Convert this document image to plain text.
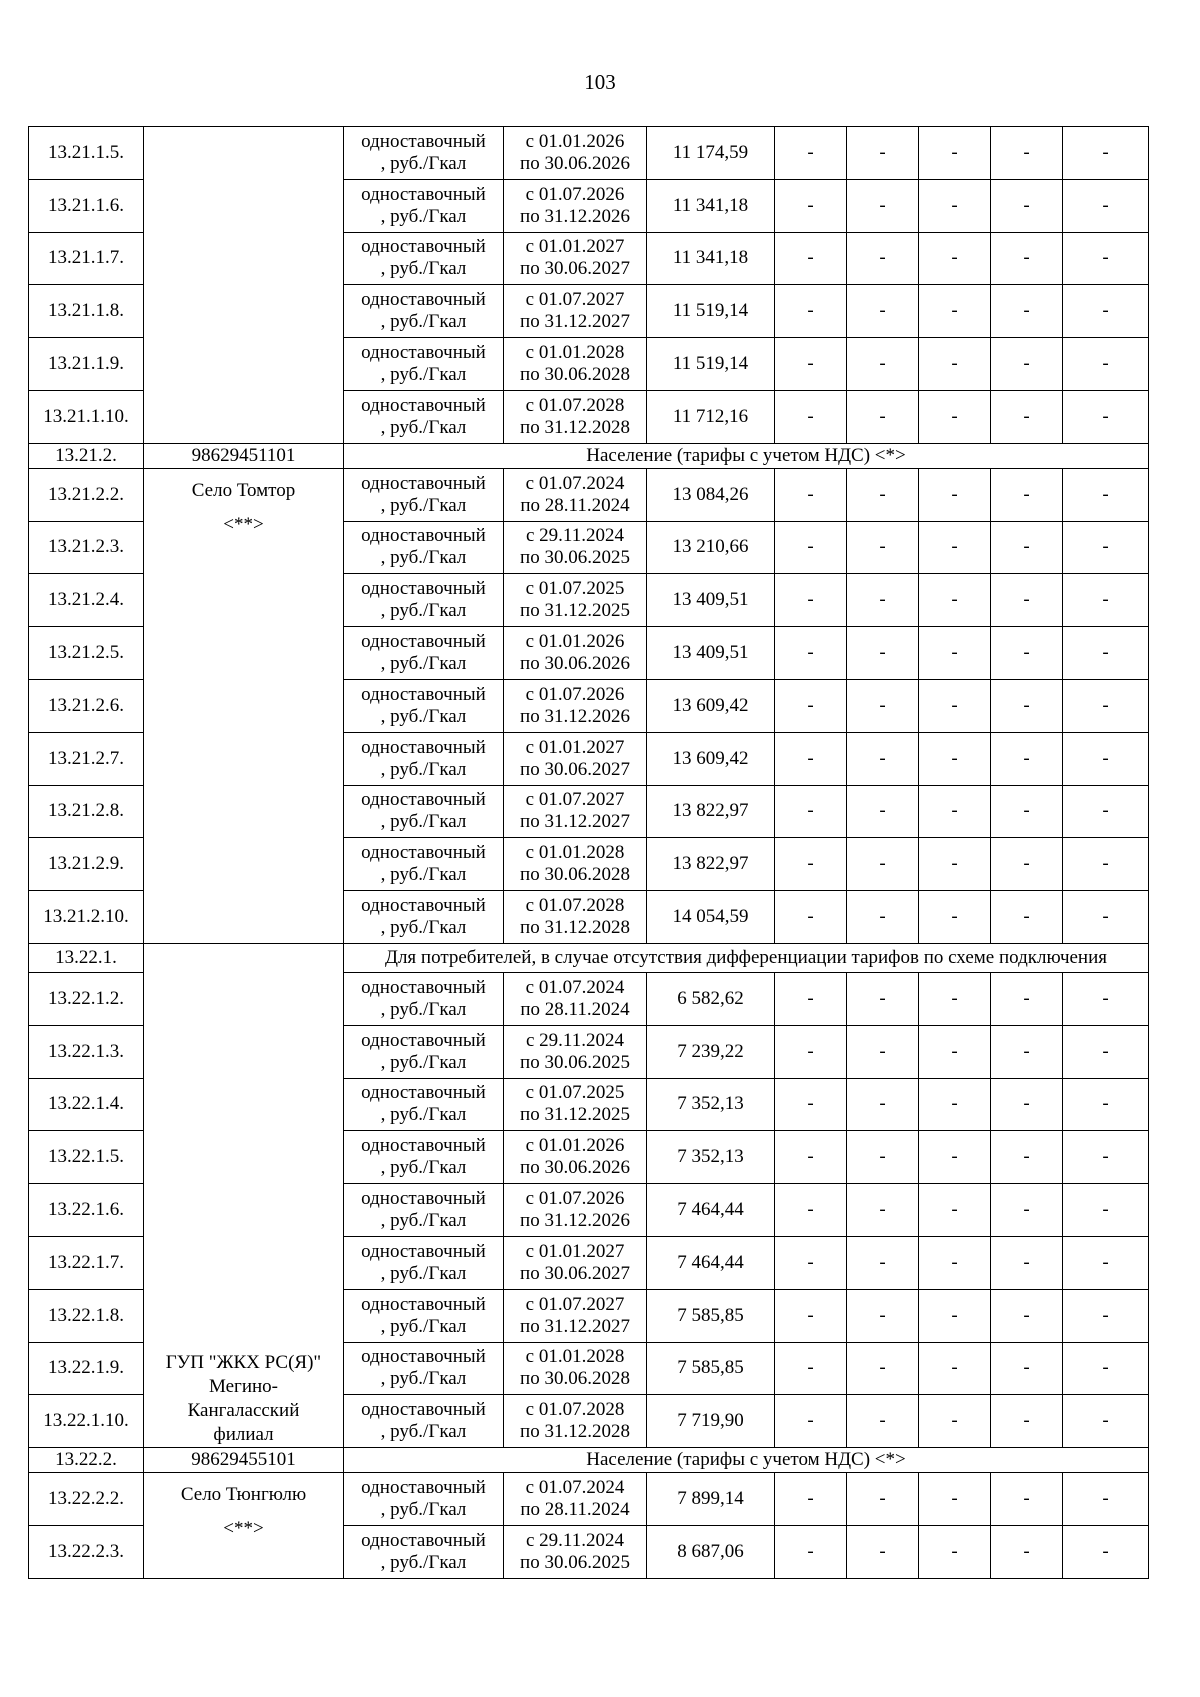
103
13.21.1.5.		одноставочный
, руб./Гкал	с 01.01.2026
по 30.06.2026	11 174,59	-	-	-	-	-
13.21.1.6.		одноставочный
, руб./Гкал	с 01.07.2026
по 31.12.2026	11 341,18	-	-	-	-	-
13.21.1.7.		одноставочный
, руб./Гкал	с 01.01.2027
по 30.06.2027	11 341,18	-	-	-	-	-
13.21.1.8.		одноставочный
, руб./Гкал	с 01.07.2027
по 31.12.2027	11 519,14	-	-	-	-	-
13.21.1.9.		одноставочный
, руб./Гкал	с 01.01.2028
по 30.06.2028	11 519,14	-	-	-	-	-
13.21.1.10.		одноставочный
, руб./Гкал	с 01.07.2028
по 31.12.2028	11 712,16	-	-	-	-	-
13.21.2.	98629451101	Население (тарифы с учетом НДС) <*>							
13.21.2.2.	Село Томтор
<**>	одноставочный
, руб./Гкал	с 01.07.2024
по 28.11.2024	13 084,26	-	-	-	-	-
13.21.2.3.		одноставочный
, руб./Гкал	с 29.11.2024
по 30.06.2025	13 210,66	-	-	-	-	-
13.21.2.4.		одноставочный
, руб./Гкал	с 01.07.2025
по 31.12.2025	13 409,51	-	-	-	-	-
13.21.2.5.		одноставочный
, руб./Гкал	с 01.01.2026
по 30.06.2026	13 409,51	-	-	-	-	-
13.21.2.6.		одноставочный
, руб./Гкал	с 01.07.2026
по 31.12.2026	13 609,42	-	-	-	-	-
13.21.2.7.		одноставочный
, руб./Гкал	с 01.01.2027
по 30.06.2027	13 609,42	-	-	-	-	-
13.21.2.8.		одноставочный
, руб./Гкал	с 01.07.2027
по 31.12.2027	13 822,97	-	-	-	-	-
13.21.2.9.		одноставочный
, руб./Гкал	с 01.01.2028
по 30.06.2028	13 822,97	-	-	-	-	-
13.21.2.10.		одноставочный
, руб./Гкал	с 01.07.2028
по 31.12.2028	14 054,59	-	-	-	-	-
13.22.1.	ГУП "ЖКХ РС(Я)"
Мегино-
Кангаласский
филиал	Для потребителей, в случае отсутствия дифференциации тарифов по схеме подключения							
13.22.1.2.		одноставочный
, руб./Гкал	с 01.07.2024
по 28.11.2024	6 582,62	-	-	-	-	-
13.22.1.3.		одноставочный
, руб./Гкал	с 29.11.2024
по 30.06.2025	7 239,22	-	-	-	-	-
13.22.1.4.		одноставочный
, руб./Гкал	с 01.07.2025
по 31.12.2025	7 352,13	-	-	-	-	-
13.22.1.5.		одноставочный
, руб./Гкал	с 01.01.2026
по 30.06.2026	7 352,13	-	-	-	-	-
13.22.1.6.		одноставочный
, руб./Гкал	с 01.07.2026
по 31.12.2026	7 464,44	-	-	-	-	-
13.22.1.7.		одноставочный
, руб./Гкал	с 01.01.2027
по 30.06.2027	7 464,44	-	-	-	-	-
13.22.1.8.		одноставочный
, руб./Гкал	с 01.07.2027
по 31.12.2027	7 585,85	-	-	-	-	-
13.22.1.9.		одноставочный
, руб./Гкал	с 01.01.2028
по 30.06.2028	7 585,85	-	-	-	-	-
13.22.1.10.		одноставочный
, руб./Гкал	с 01.07.2028
по 31.12.2028	7 719,90	-	-	-	-	-
13.22.2.	98629455101	Население (тарифы с учетом НДС) <*>							
13.22.2.2.	Село Тюнгюлю
<**>	одноставочный
, руб./Гкал	с 01.07.2024
по 28.11.2024	7 899,14	-	-	-	-	-
13.22.2.3.		одноставочный
, руб./Гкал	с 29.11.2024
по 30.06.2025	8 687,06	-	-	-	-	-
